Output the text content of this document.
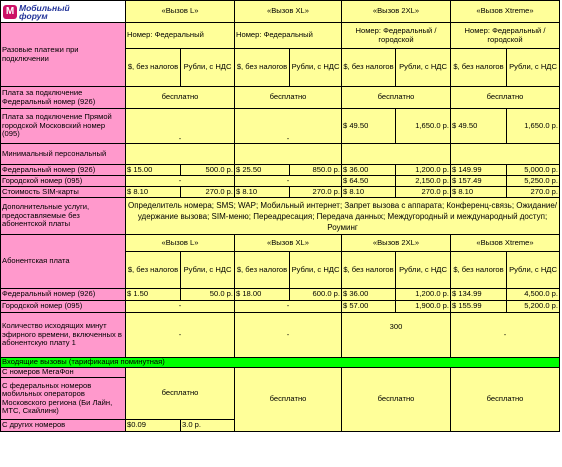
M Мобильный
форум	«Вызов L»		«Вызов XL»		«Вызов 2XL»		«Вызов Xtreme»	
Разовые платежи при подключении	Номер: Федеральный		Номер: Федеральный		Номер: Федеральный / городской		Номер: Федеральный / городской	
	$, без налогов	Рубли, с НДС	$, без налогов	Рубли, с НДС	$, без налогов	Рубли, с НДС	$, без налогов	Рубли, с НДС
Плата за подключение Федеральный номер (926)	бесплатно		бесплатно		бесплатно		бесплатно	
Плата за подключение Прямой городской Московский номер (095)	-		-		$ 49.50	1,650.0 р.	$ 49.50	1,650.0 р.
Минимальный персональный								
Федеральный номер (926)	$ 15.00	500.0 р.	$ 25.50	850.0 р.	$ 36.00	1,200.0 р.	$ 149.99	5,000.0 р.
Городской номер (095)	-		-		$ 64.50	2,150.0 р.	$ 157.49	5,250.0 р.
Стоимость SIM-карты	$ 8.10	270.0 р.	$ 8.10	270.0 р.	$ 8.10	270.0 р.	$ 8.10	270.0 р.
Дополнительные услуги, предоставляемые без абонентской платы	Определитель номера; SMS; WAP; Мобильный интернет; Запрет вызова с аппарата; Конференц-связь; Ожидание/удержание вызова; SIM-меню; Переадресация; Передача данных; Междугородный и международный доступ; Роуминг							
Абонентская плата	«Вызов L»		«Вызов XL»		«Вызов 2XL»		«Вызов Xtreme»	
	$, без налогов	Рубли, с НДС	$, без налогов	Рубли, с НДС	$, без налогов	Рубли, с НДС	$, без налогов	Рубли, с НДС
Федеральный номер (926)	$ 1.50	50.0 р.	$ 18.00	600.0 р.	$ 36.00	1,200.0 р.	$ 134.99	4,500.0 р.
Городской номер (095)	-		-		$ 57.00	1,900.0 р.	$ 155.99	5,200.0 р.
Количество исходящих минут эфирного времени, включенных в абонентскую плату 1	-		-		300		-	
Входящие вызовы (тарификация поминутная)								
С номеров МегаФон	бесплатно		бесплатно		бесплатно		бесплатно	
С федеральных номеров мобильных операторов Московского региона (Би Лайн, МТС, Скайлинк)								
С других номеров	$0.09	3.0 р.						
